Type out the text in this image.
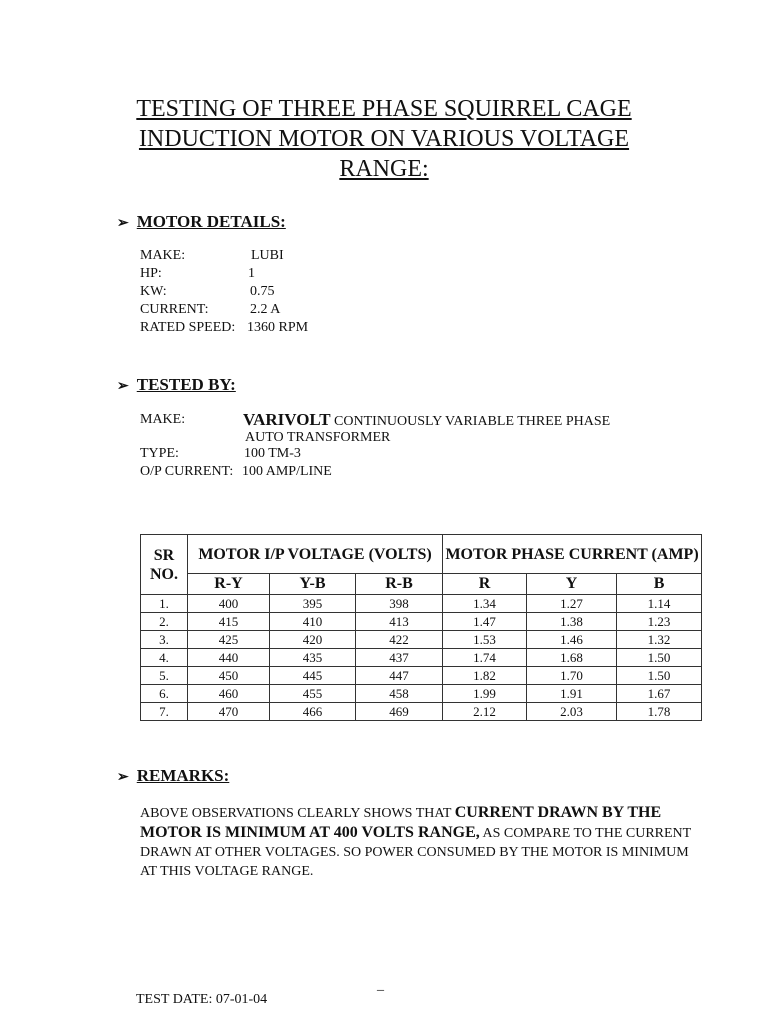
TESTING OF THREE PHASE SQUIRREL CAGE
INDUCTION MOTOR ON VARIOUS VOLTAGE
RANGE:
➢ MOTOR DETAILS:
MAKE:	LUBI
HP:	1
KW:	0.75
CURRENT:	2.2 A
RATED SPEED: 1360 RPM
➢ TESTED BY:
MAKE:	VARIVOLT CONTINUOUSLY VARIABLE THREE PHASE
AUTO TRANSFORMER
TYPE:	100 TM-3
O/P CURRENT: 100 AMP/LINE
SR NO.	MOTOR I/P VOLTAGE (VOLTS)			MOTOR PHASE CURRENT (AMP)		
	R-Y	Y-B	R-B	R	Y	B
1.	400	395	398	1.34	1.27	1.14
2.	415	410	413	1.47	1.38	1.23
3.	425	420	422	1.53	1.46	1.32
4.	440	435	437	1.74	1.68	1.50
5.	450	445	447	1.82	1.70	1.50
6.	460	455	458	1.99	1.91	1.67
7.	470	466	469	2.12	2.03	1.78
➢ REMARKS:
ABOVE OBSERVATIONS CLEARLY SHOWS THAT CURRENT DRAWN BY THE MOTOR IS MINIMUM AT 400 VOLTS RANGE, AS COMPARE TO THE CURRENT DRAWN AT OTHER VOLTAGES. SO POWER CONSUMED BY THE MOTOR IS MINIMUM AT THIS VOLTAGE RANGE.
_
TEST DATE: 07-01-04
